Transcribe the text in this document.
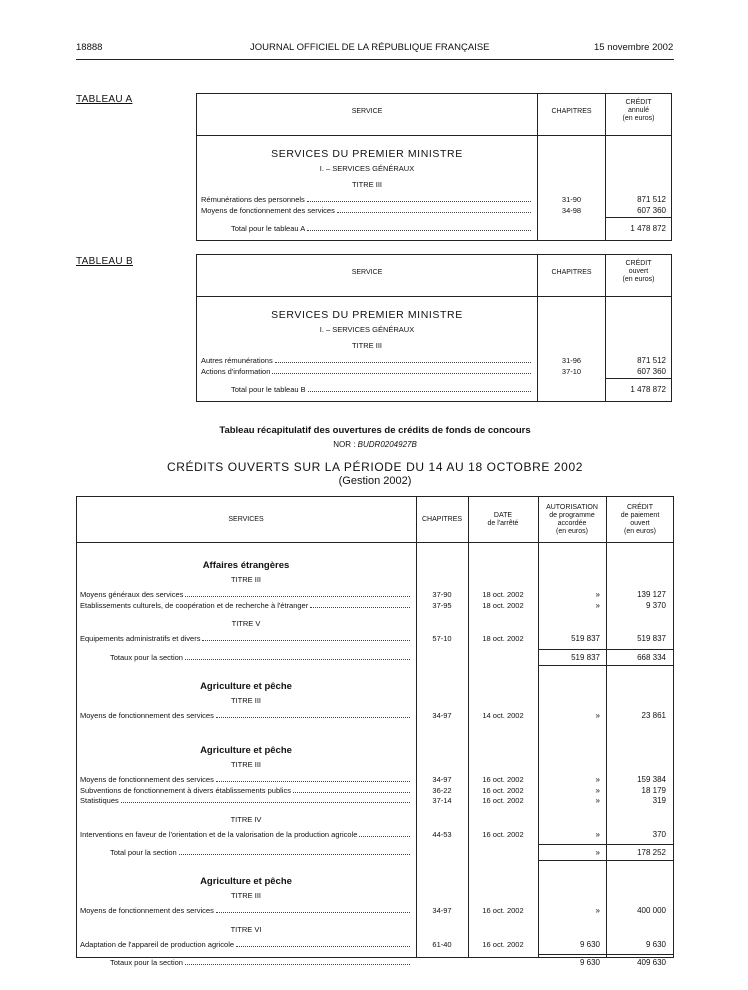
18888	JOURNAL OFFICIEL DE LA RÉPUBLIQUE FRANÇAISE	15 novembre 2002
TABLEAU A
SERVICE	CHAPITRES
CRÉDIT
annulé
(en euros)
SERVICES DU PREMIER MINISTRE
I. – SERVICES GÉNÉRAUX
TITRE III
Rémunérations des personnels	31-90	871 512
Moyens de fonctionnement des services	34-98	607 360
Total pour le tableau A	1 478 872
TABLEAU B
SERVICE	CHAPITRES
CRÉDIT
ouvert
(en euros)
SERVICES DU PREMIER MINISTRE
I. – SERVICES GÉNÉRAUX
TITRE III
Autres rémunérations	31-96	871 512
Actions d'information	37-10	607 360
Total pour le tableau B	1 478 872
Tableau récapitulatif des ouvertures de crédits de fonds de concours
NOR : BUDR0204927B
CRÉDITS OUVERTS SUR LA PÉRIODE DU 14 AU 18 OCTOBRE 2002
(Gestion 2002)
SERVICES	CHAPITRES
DATE
de l'arrêté
AUTORISATION
de programme
accordée
(en euros)
CRÉDIT
de paiement
ouvert
(en euros)
Affaires étrangères
TITRE III
Moyens généraux des services	37-90	18 oct. 2002	»	139 127
Etablissements culturels, de coopération et de recherche à l'étranger	37-95	18 oct. 2002	»	9 370
TITRE V
Equipements administratifs et divers	57-10	18 oct. 2002	519 837	519 837
Totaux pour la section	519 837	668 334
Agriculture et pêche
TITRE III
Moyens de fonctionnement des services	34-97	14 oct. 2002	»	23 861
Agriculture et pêche
TITRE III
Moyens de fonctionnement des services	34-97	16 oct. 2002	»	159 384
Subventions de fonctionnement à divers établissements publics	36-22	16 oct. 2002	»	18 179
Statistiques	37-14	16 oct. 2002	»	319
TITRE IV
Interventions en faveur de l'orientation et de la valorisation de la production agricole	44-53	16 oct. 2002	»	370
Total pour la section	»	178 252
Agriculture et pêche
TITRE III
Moyens de fonctionnement des services	34-97	16 oct. 2002	»	400 000
TITRE VI
Adaptation de l'appareil de production agricole	61-40	16 oct. 2002	9 630	9 630
Totaux pour la section	9 630	409 630
